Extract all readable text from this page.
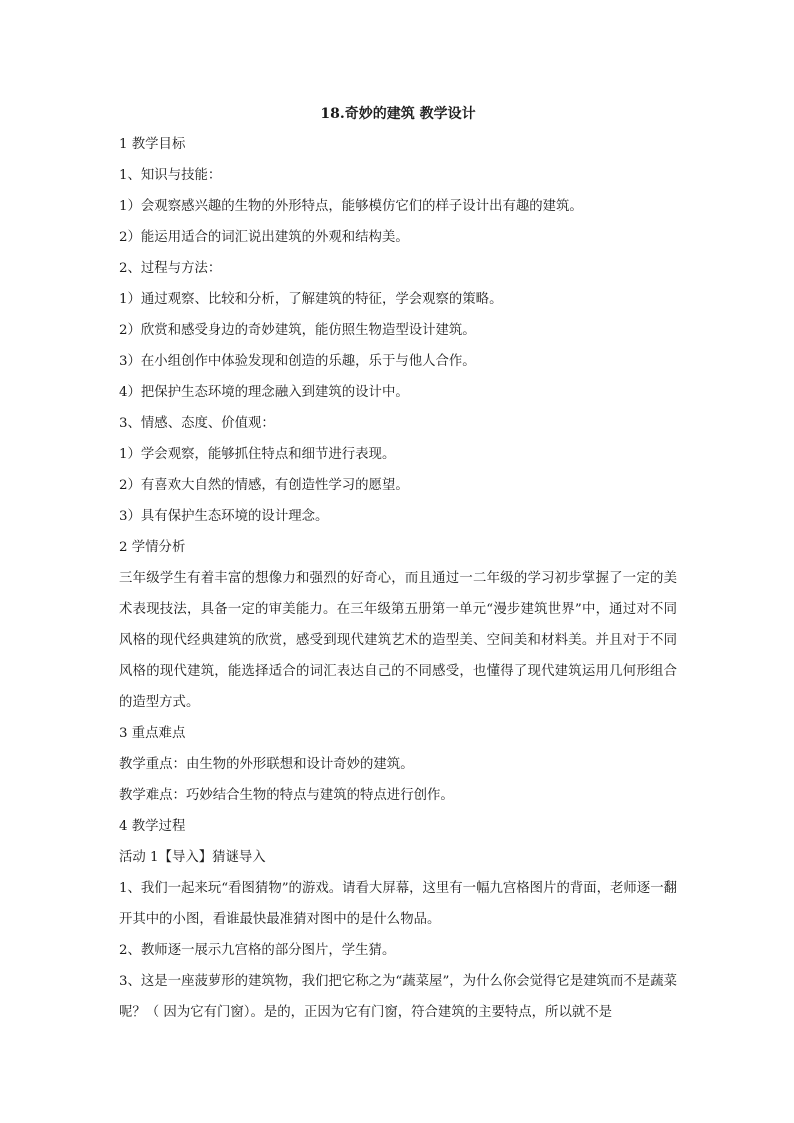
18.奇妙的建筑 教学设计

1 教学目标

1、知识与技能：

1）会观察感兴趣的生物的外形特点，能够模仿它们的样子设计出有趣的建筑。

2）能运用适合的词汇说出建筑的外观和结构美。

2、过程与方法：

1）通过观察、比较和分析，了解建筑的特征，学会观察的策略。

2）欣赏和感受身边的奇妙建筑，能仿照生物造型设计建筑。

3）在小组创作中体验发现和创造的乐趣，乐于与他人合作。

4）把保护生态环境的理念融入到建筑的设计中。

3、情感、态度、价值观：

1）学会观察，能够抓住特点和细节进行表现。

2）有喜欢大自然的情感，有创造性学习的愿望。

3）具有保护生态环境的设计理念。

2 学情分析

三年级学生有着丰富的想像力和强烈的好奇心，而且通过一二年级的学习初步掌握了一定的美术表现技法，具备一定的审美能力。在三年级第五册第一单元“漫步建筑世界”中，通过对不同风格的现代经典建筑的欣赏，感受到现代建筑艺术的造型美、空间美和材料美。并且对于不同风格的现代建筑，能选择适合的词汇表达自己的不同感受，也懂得了现代建筑运用几何形组合的造型方式。

3 重点难点

教学重点：由生物的外形联想和设计奇妙的建筑。

教学难点：巧妙结合生物的特点与建筑的特点进行创作。

4 教学过程

活动 1【导入】猜谜导入

1、我们一起来玩“看图猜物”的游戏。请看大屏幕，这里有一幅九宫格图片的背面，老师逐一翻开其中的小图，看谁最快最准猜对图中的是什么物品。

2、教师逐一展示九宫格的部分图片，学生猜。

3、这是一座菠萝形的建筑物，我们把它称之为“蔬菜屋”，为什么你会觉得它是建筑而不是蔬菜呢？（ 因为它有门窗）。是的，正因为它有门窗，符合建筑的主要特点，所以就不是
